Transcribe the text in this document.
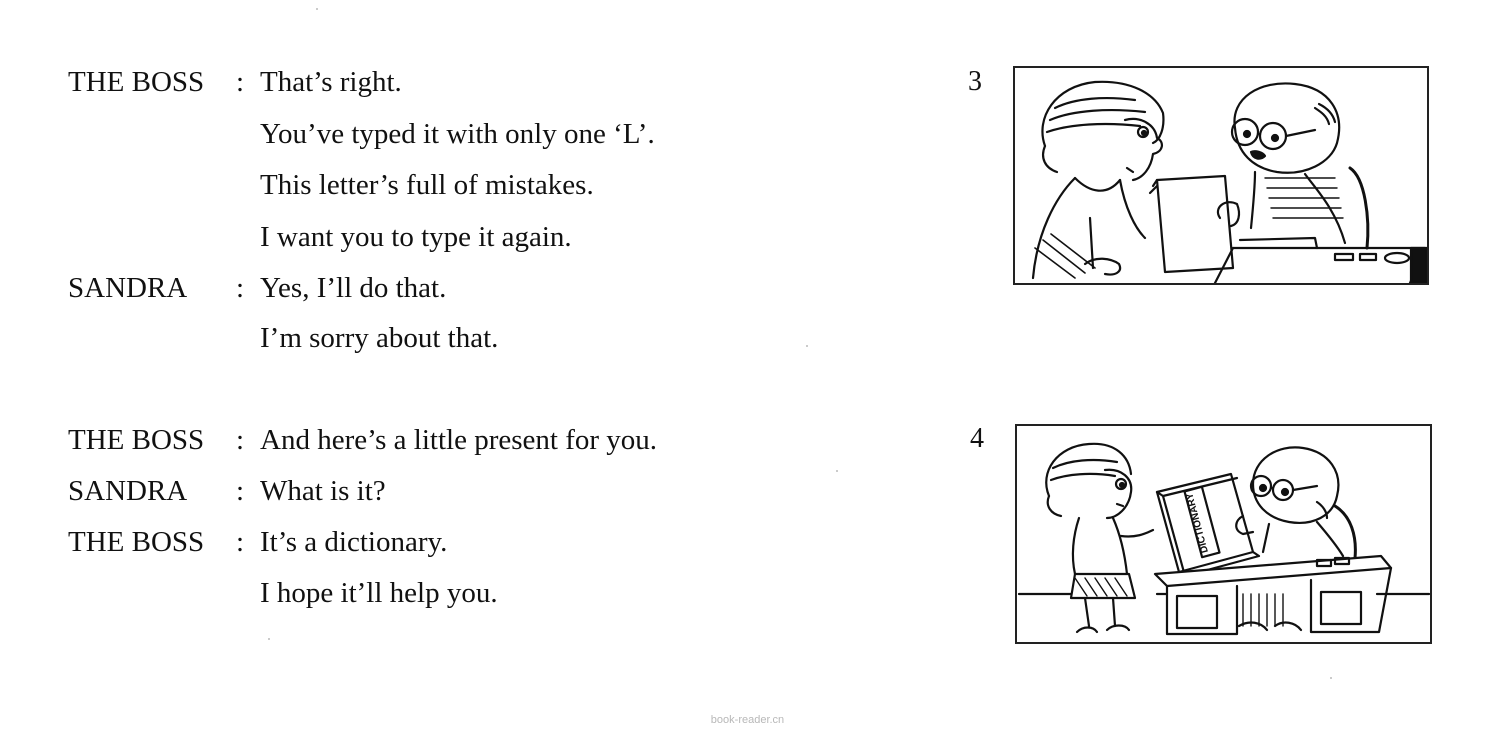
THE BOSS : That’s right.
You’ve typed it with only one ‘L’.
This letter’s full of mistakes.
I want you to type it again.
SANDRA : Yes, I’ll do that.
I’m sorry about that.
THE BOSS : And here’s a little present for you.
SANDRA : What is it?
THE BOSS : It’s a dictionary.
I hope it’ll help you.
3
4
DICTIONARY
book-reader.cn
